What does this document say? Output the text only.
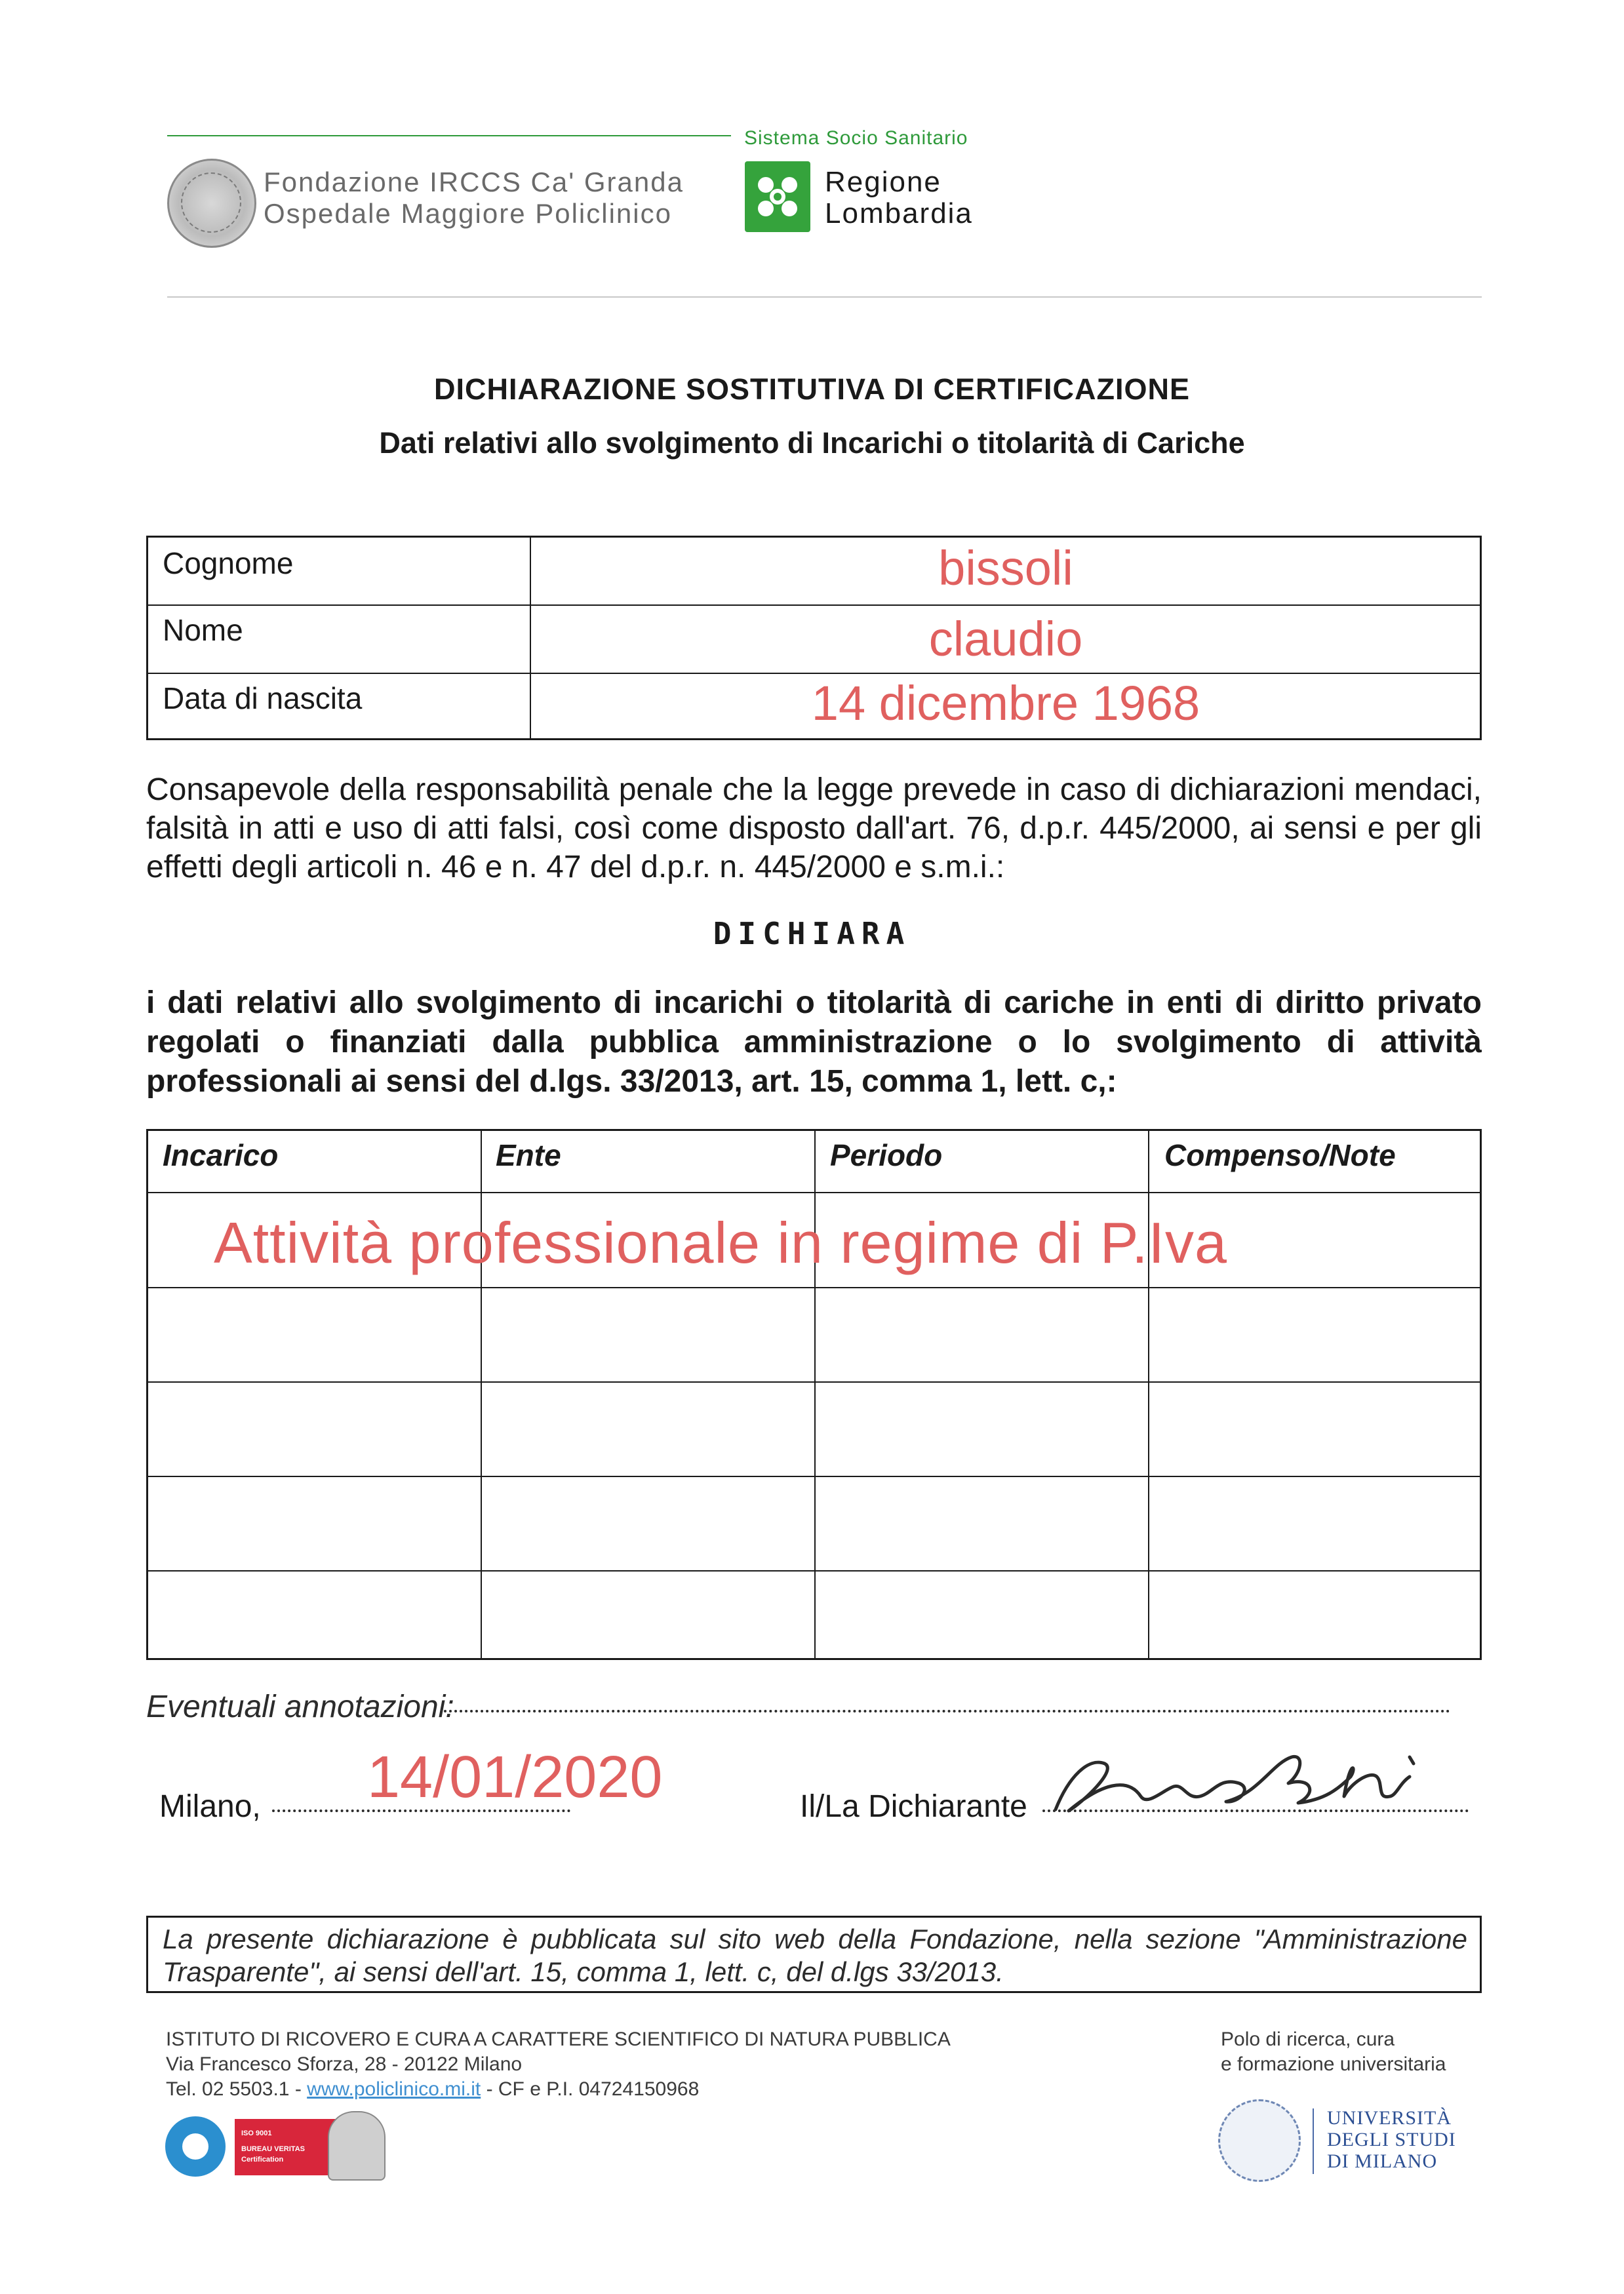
Fondazione IRCCS Ca' Granda
Ospedale Maggiore Policlinico
Sistema Socio Sanitario
Regione
Lombardia
DICHIARAZIONE SOSTITUTIVA DI CERTIFICAZIONE
Dati relativi allo svolgimento di Incarichi o titolarità di Cariche
Cognome	bissoli
Nome	claudio
Data di nascita	14 dicembre 1968
Consapevole della responsabilità penale che la legge prevede in caso di dichiarazioni mendaci, falsità in atti e uso di atti falsi, così come disposto dall'art. 76, d.p.r. 445/2000, ai sensi e per gli effetti degli articoli n. 46 e n. 47 del d.p.r. n. 445/2000 e s.m.i.:
DICHIARA
i dati relativi allo svolgimento di incarichi o titolarità di cariche in enti di diritto privato regolati o finanziati dalla pubblica amministrazione o lo svolgimento di attività professionali ai sensi del d.lgs. 33/2013, art. 15, comma 1, lett. c,:
Incarico	Ente	Periodo	Compenso/Note
Attività professionale in regime di P.Iva
Eventuali annotazioni:
Milano, 14/01/2020	Il/La Dichiarante
La presente dichiarazione è pubblicata sul sito web della Fondazione, nella sezione "Amministrazione Trasparente", ai sensi dell'art. 15, comma 1, lett. c, del d.lgs 33/2013.
ISTITUTO DI RICOVERO E CURA A CARATTERE SCIENTIFICO DI NATURA PUBBLICA
Via Francesco Sforza, 28 - 20122 Milano
Tel. 02 5503.1 - www.policlinico.mi.it - CF e P.I. 04724150968
Polo di ricerca, cura
e formazione universitaria
ISO 9001
BUREAU VERITAS
Certification
UNIVERSITÀ
DEGLI STUDI
DI MILANO
